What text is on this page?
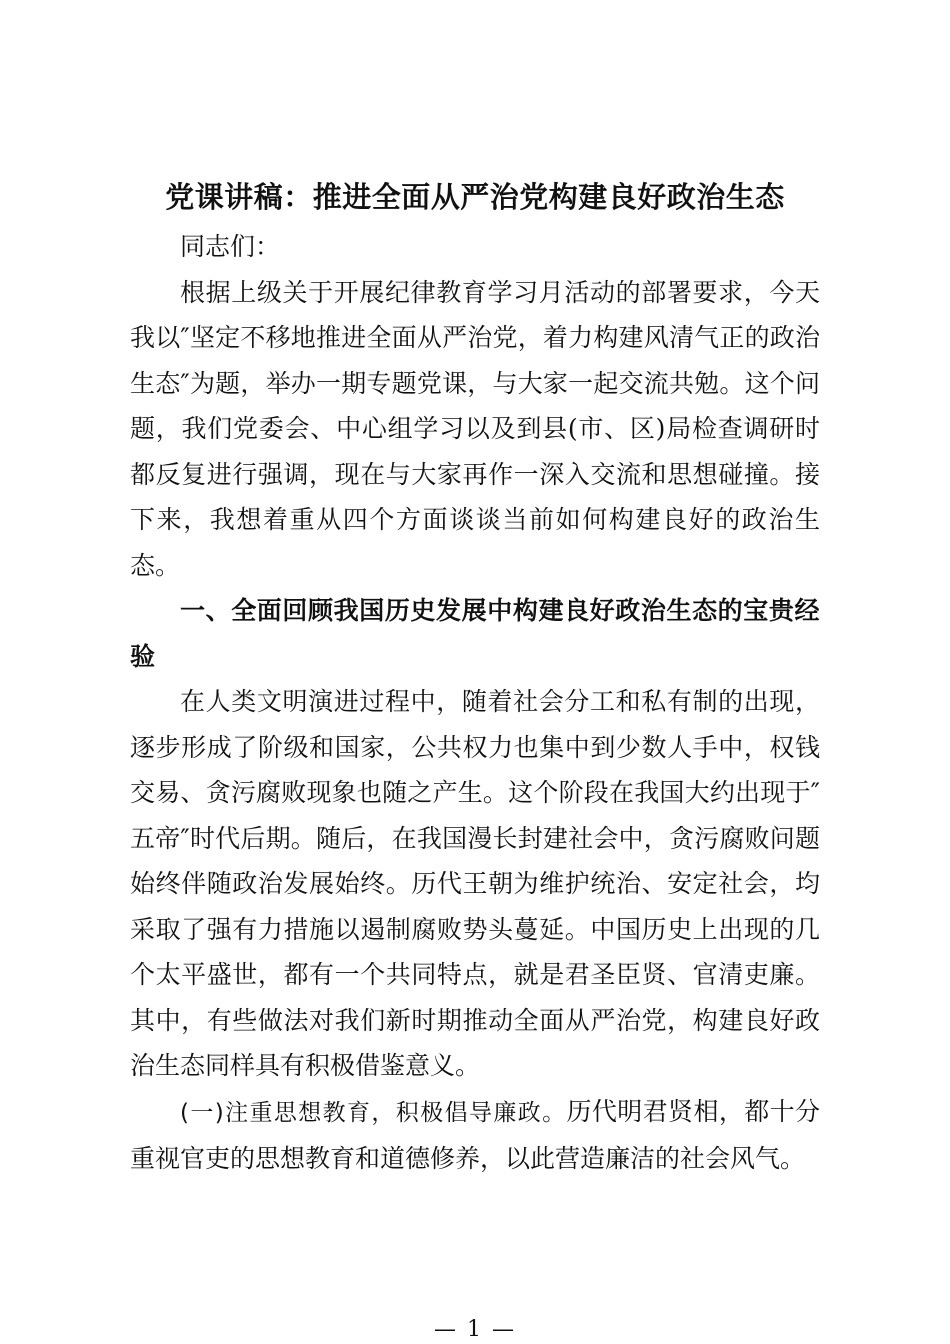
党课讲稿：推进全面从严治党构建良好政治生态

同志们：

根据上级关于开展纪律教育学习月活动的部署要求，今天我以″坚定不移地推进全面从严治党，着力构建风清气正的政治生态″为题，举办一期专题党课，与大家一起交流共勉。这个问题，我们党委会、中心组学习以及到县(市、区)局检查调研时都反复进行强调，现在与大家再作一深入交流和思想碰撞。接下来，我想着重从四个方面谈谈当前如何构建良好的政治生态。

一、全面回顾我国历史发展中构建良好政治生态的宝贵经验

在人类文明演进过程中，随着社会分工和私有制的出现，逐步形成了阶级和国家，公共权力也集中到少数人手中，权钱交易、贪污腐败现象也随之产生。这个阶段在我国大约出现于″五帝″时代后期。随后，在我国漫长封建社会中，贪污腐败问题始终伴随政治发展始终。历代王朝为维护统治、安定社会，均采取了强有力措施以遏制腐败势头蔓延。中国历史上出现的几个太平盛世，都有一个共同特点，就是君圣臣贤、官清吏廉。其中，有些做法对我们新时期推动全面从严治党，构建良好政治生态同样具有积极借鉴意义。

(一)注重思想教育，积极倡导廉政。历代明君贤相，都十分重视官吏的思想教育和道德修养，以此营造廉洁的社会风气。

— 1 —
